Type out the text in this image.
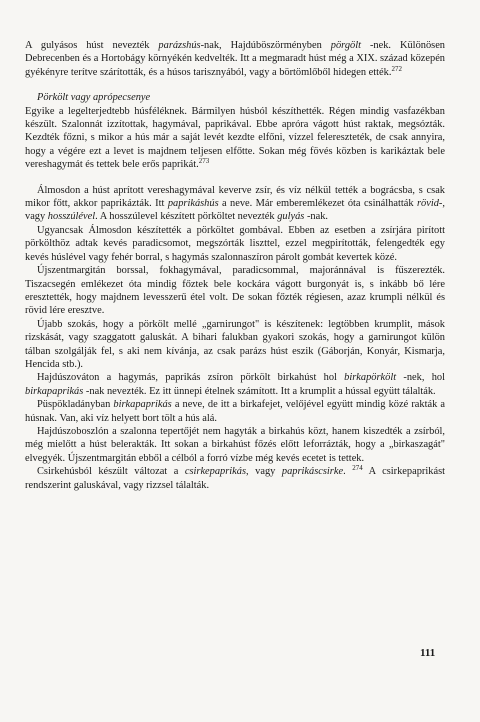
A gulyásos húst nevezték parázshús-nak, Hajdúböszörményben pörgölt -nek. Különösen Debrecenben és a Hortobágy környékén kedvelték. Itt a megmaradt húst még a XIX. század közepén gyékényre terítve szárították, és a húsos tarisznyából, vagy a börtömlőből hidegen ették.$^{272}$

Pörkölt vagy aprópecsenye

Egyike a legelterjedtebb húsféléknek. Bármilyen húsból készíthették. Régen mindig vasfazékban készült. Szalonnát izzítottak, hagymával, paprikával. Ebbe apróra vágott húst raktak, megsózták. Kezdték főzni, s mikor a hús már a saját levét kezdte elfőni, vízzel felereszteték, de csak annyira, hogy a végére ezt a levet is majdnem teljesen elfőtte. Sokan még fövés közben is karikáztak bele vereshagymát és tettek bele erős paprikát.$^{273}$

Álmosdon a húst aprított vereshagymával keverve zsír, és víz nélkül tették a bográcsba, s csak mikor főtt, akkor paprikázták. Itt paprikáshús a neve. Már emberemlékezet óta csinálhatták rövid-, vagy hosszúlével. A hosszúlevel készített pörköltet nevezték gulyás -nak.

Ugyancsak Álmosdon készítették a pörköltet gombával. Ebben az esetben a zsírjára pirított pörkölthöz adtak kevés paradicsomot, megszórták liszttel, ezzel megpirították, felengedték egy kevés húslével vagy fehér borral, s hagymás szalonnaszíron párolt gombát kevertek közé.

Újszentmargitán borssal, fokhagymával, paradicsommal, majoránnával is fűszerezték. Tiszacsegén emlékezet óta mindig főztek bele kockára vágott burgonyát is, s inkább bő lére eresztették, hogy majdnem levesszerű étel volt. De sokan főzték régiesen, azaz krumpli nélkül és rövid lére eresztve.

Újabb szokás, hogy a pörkölt mellé „garnirungot" is készítenek: legtöbben krumplit, mások rizskását, vagy szaggatott galuskát. A bihari falukban gyakori szokás, hogy a garnirungot külön tálban szolgálják fel, s aki nem kívánja, az csak parázs húst eszik (Gáborján, Konyár, Kismarja, Hencida stb.).

Hajdúszováton a hagymás, paprikás zsíron pörkölt birkahúst hol birkapörkölt -nek, hol birkapaprikás -nak nevezték. Ez itt ünnepi ételnek számított. Itt a krumplit a hússal együtt tálalták.

Püspökladányban birkapaprikás a neve, de itt a birkafejet, velőjével együtt mindig közé rakták a húsnak. Van, aki víz helyett bort tölt a hús alá.

Hajdúszoboszlón a szalonna tepertőjét nem hagyták a birkahús közt, hanem kiszedték a zsírból, még mielőtt a húst belerakták. Itt sokan a birkahúst főzés előtt leforrázták, hogy a „birkaszagát" elvegyék. Újszentmargitán ebből a célból a forró vízbe még kevés ecetet is tettek.

Csirkehúsból készült változat a csirkepaprikás, vagy paprikáscsirke. $^{274}$ A csirkepaprikást rendszerint galuskával, vagy rizzsel tálalták.

111
